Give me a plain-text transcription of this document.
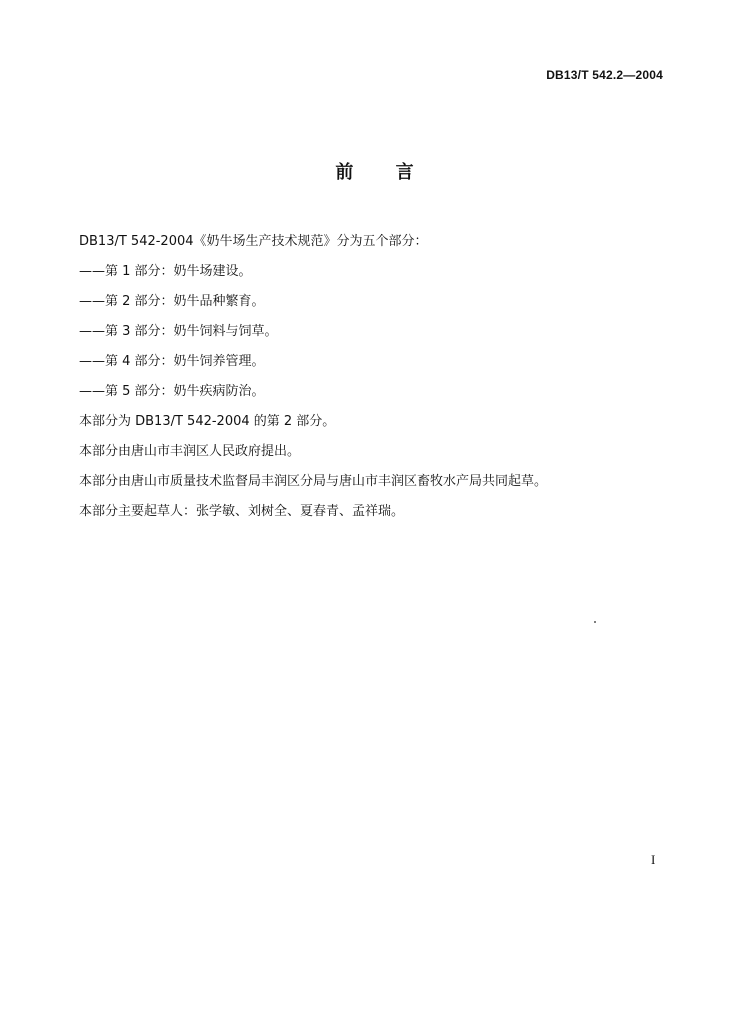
DB13/T 542.2—2004
前 言
DB13/T 542-2004《奶牛场生产技术规范》分为五个部分：
——第 1 部分：奶牛场建设。
——第 2 部分：奶牛品种繁育。
——第 3 部分：奶牛饲料与饲草。
——第 4 部分：奶牛饲养管理。
——第 5 部分：奶牛疾病防治。
本部分为 DB13/T 542-2004 的第 2 部分。
本部分由唐山市丰润区人民政府提出。
本部分由唐山市质量技术监督局丰润区分局与唐山市丰润区畜牧水产局共同起草。
本部分主要起草人：张学敏、刘树全、夏春青、孟祥瑞。
I
